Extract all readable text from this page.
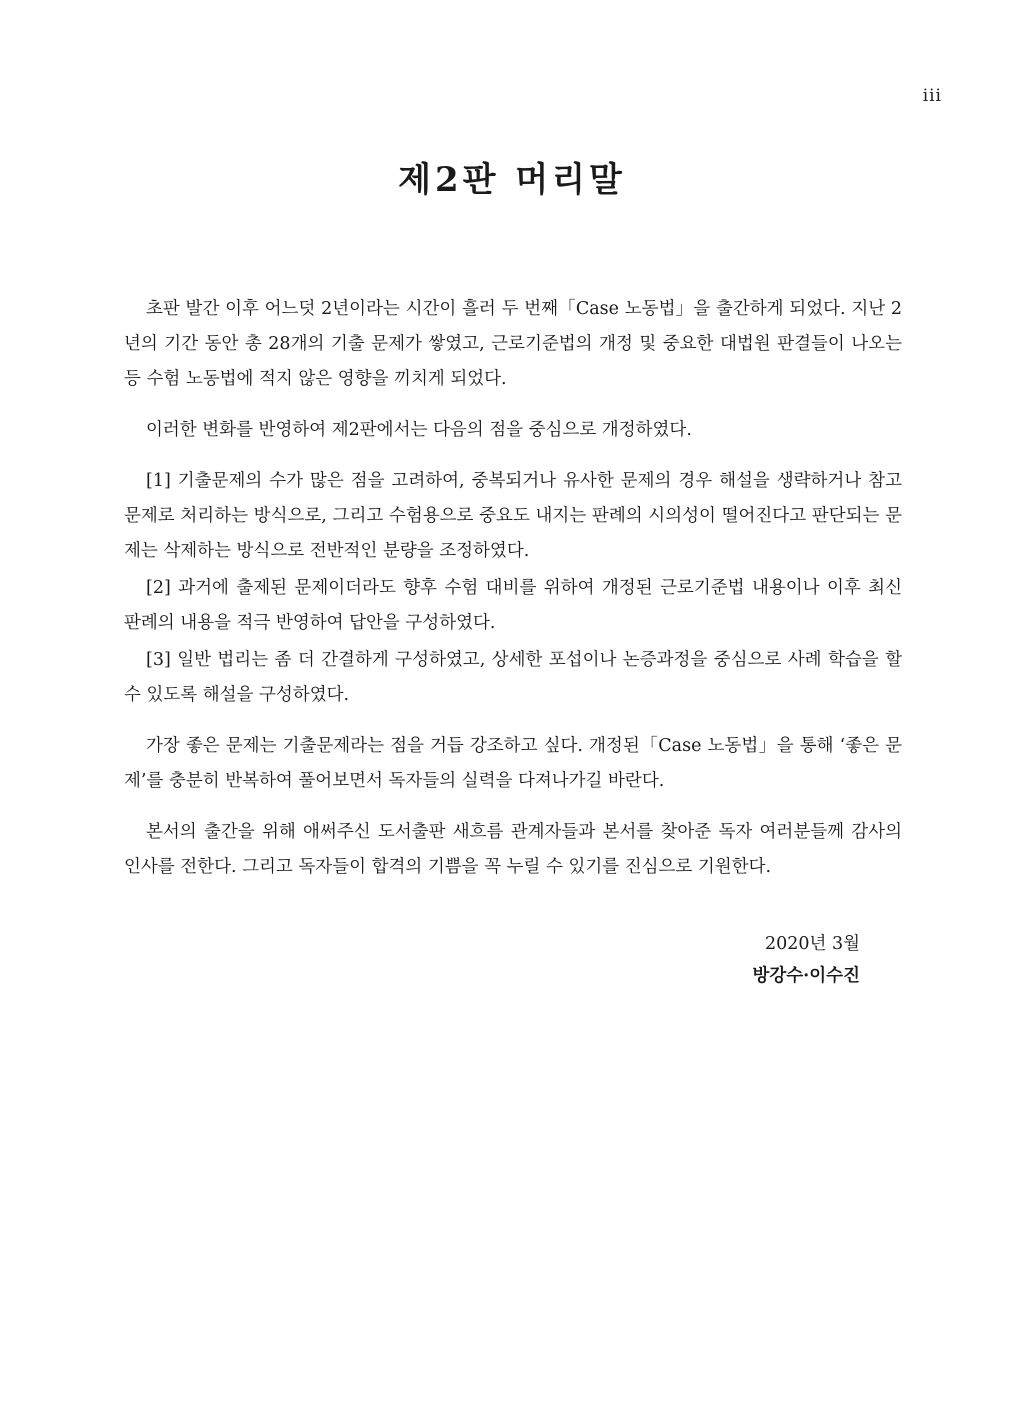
iii
제2판 머리말

초판 발간 이후 어느덧 2년이라는 시간이 흘러 두 번째「Case 노동법」을 출간하게 되었다. 지난 2년의 기간 동안 총 28개의 기출 문제가 쌓였고, 근로기준법의 개정 및 중요한 대법원 판결들이 나오는 등 수험 노동법에 적지 않은 영향을 끼치게 되었다.

이러한 변화를 반영하여 제2판에서는 다음의 점을 중심으로 개정하였다.

[1] 기출문제의 수가 많은 점을 고려하여, 중복되거나 유사한 문제의 경우 해설을 생략하거나 참고문제로 처리하는 방식으로, 그리고 수험용으로 중요도 내지는 판례의 시의성이 떨어진다고 판단되는 문제는 삭제하는 방식으로 전반적인 분량을 조정하였다.

[2] 과거에 출제된 문제이더라도 향후 수험 대비를 위하여 개정된 근로기준법 내용이나 이후 최신 판례의 내용을 적극 반영하여 답안을 구성하였다.

[3] 일반 법리는 좀 더 간결하게 구성하였고, 상세한 포섭이나 논증과정을 중심으로 사례 학습을 할 수 있도록 해설을 구성하였다.

가장 좋은 문제는 기출문제라는 점을 거듭 강조하고 싶다. 개정된「Case 노동법」을 통해 ‘좋은 문제’를 충분히 반복하여 풀어보면서 독자들의 실력을 다져나가길 바란다.

본서의 출간을 위해 애써주신 도서출판 새흐름 관계자들과 본서를 찾아준 독자 여러분들께 감사의 인사를 전한다. 그리고 독자들이 합격의 기쁨을 꼭 누릴 수 있기를 진심으로 기원한다.

2020년 3월
방강수·이수진
